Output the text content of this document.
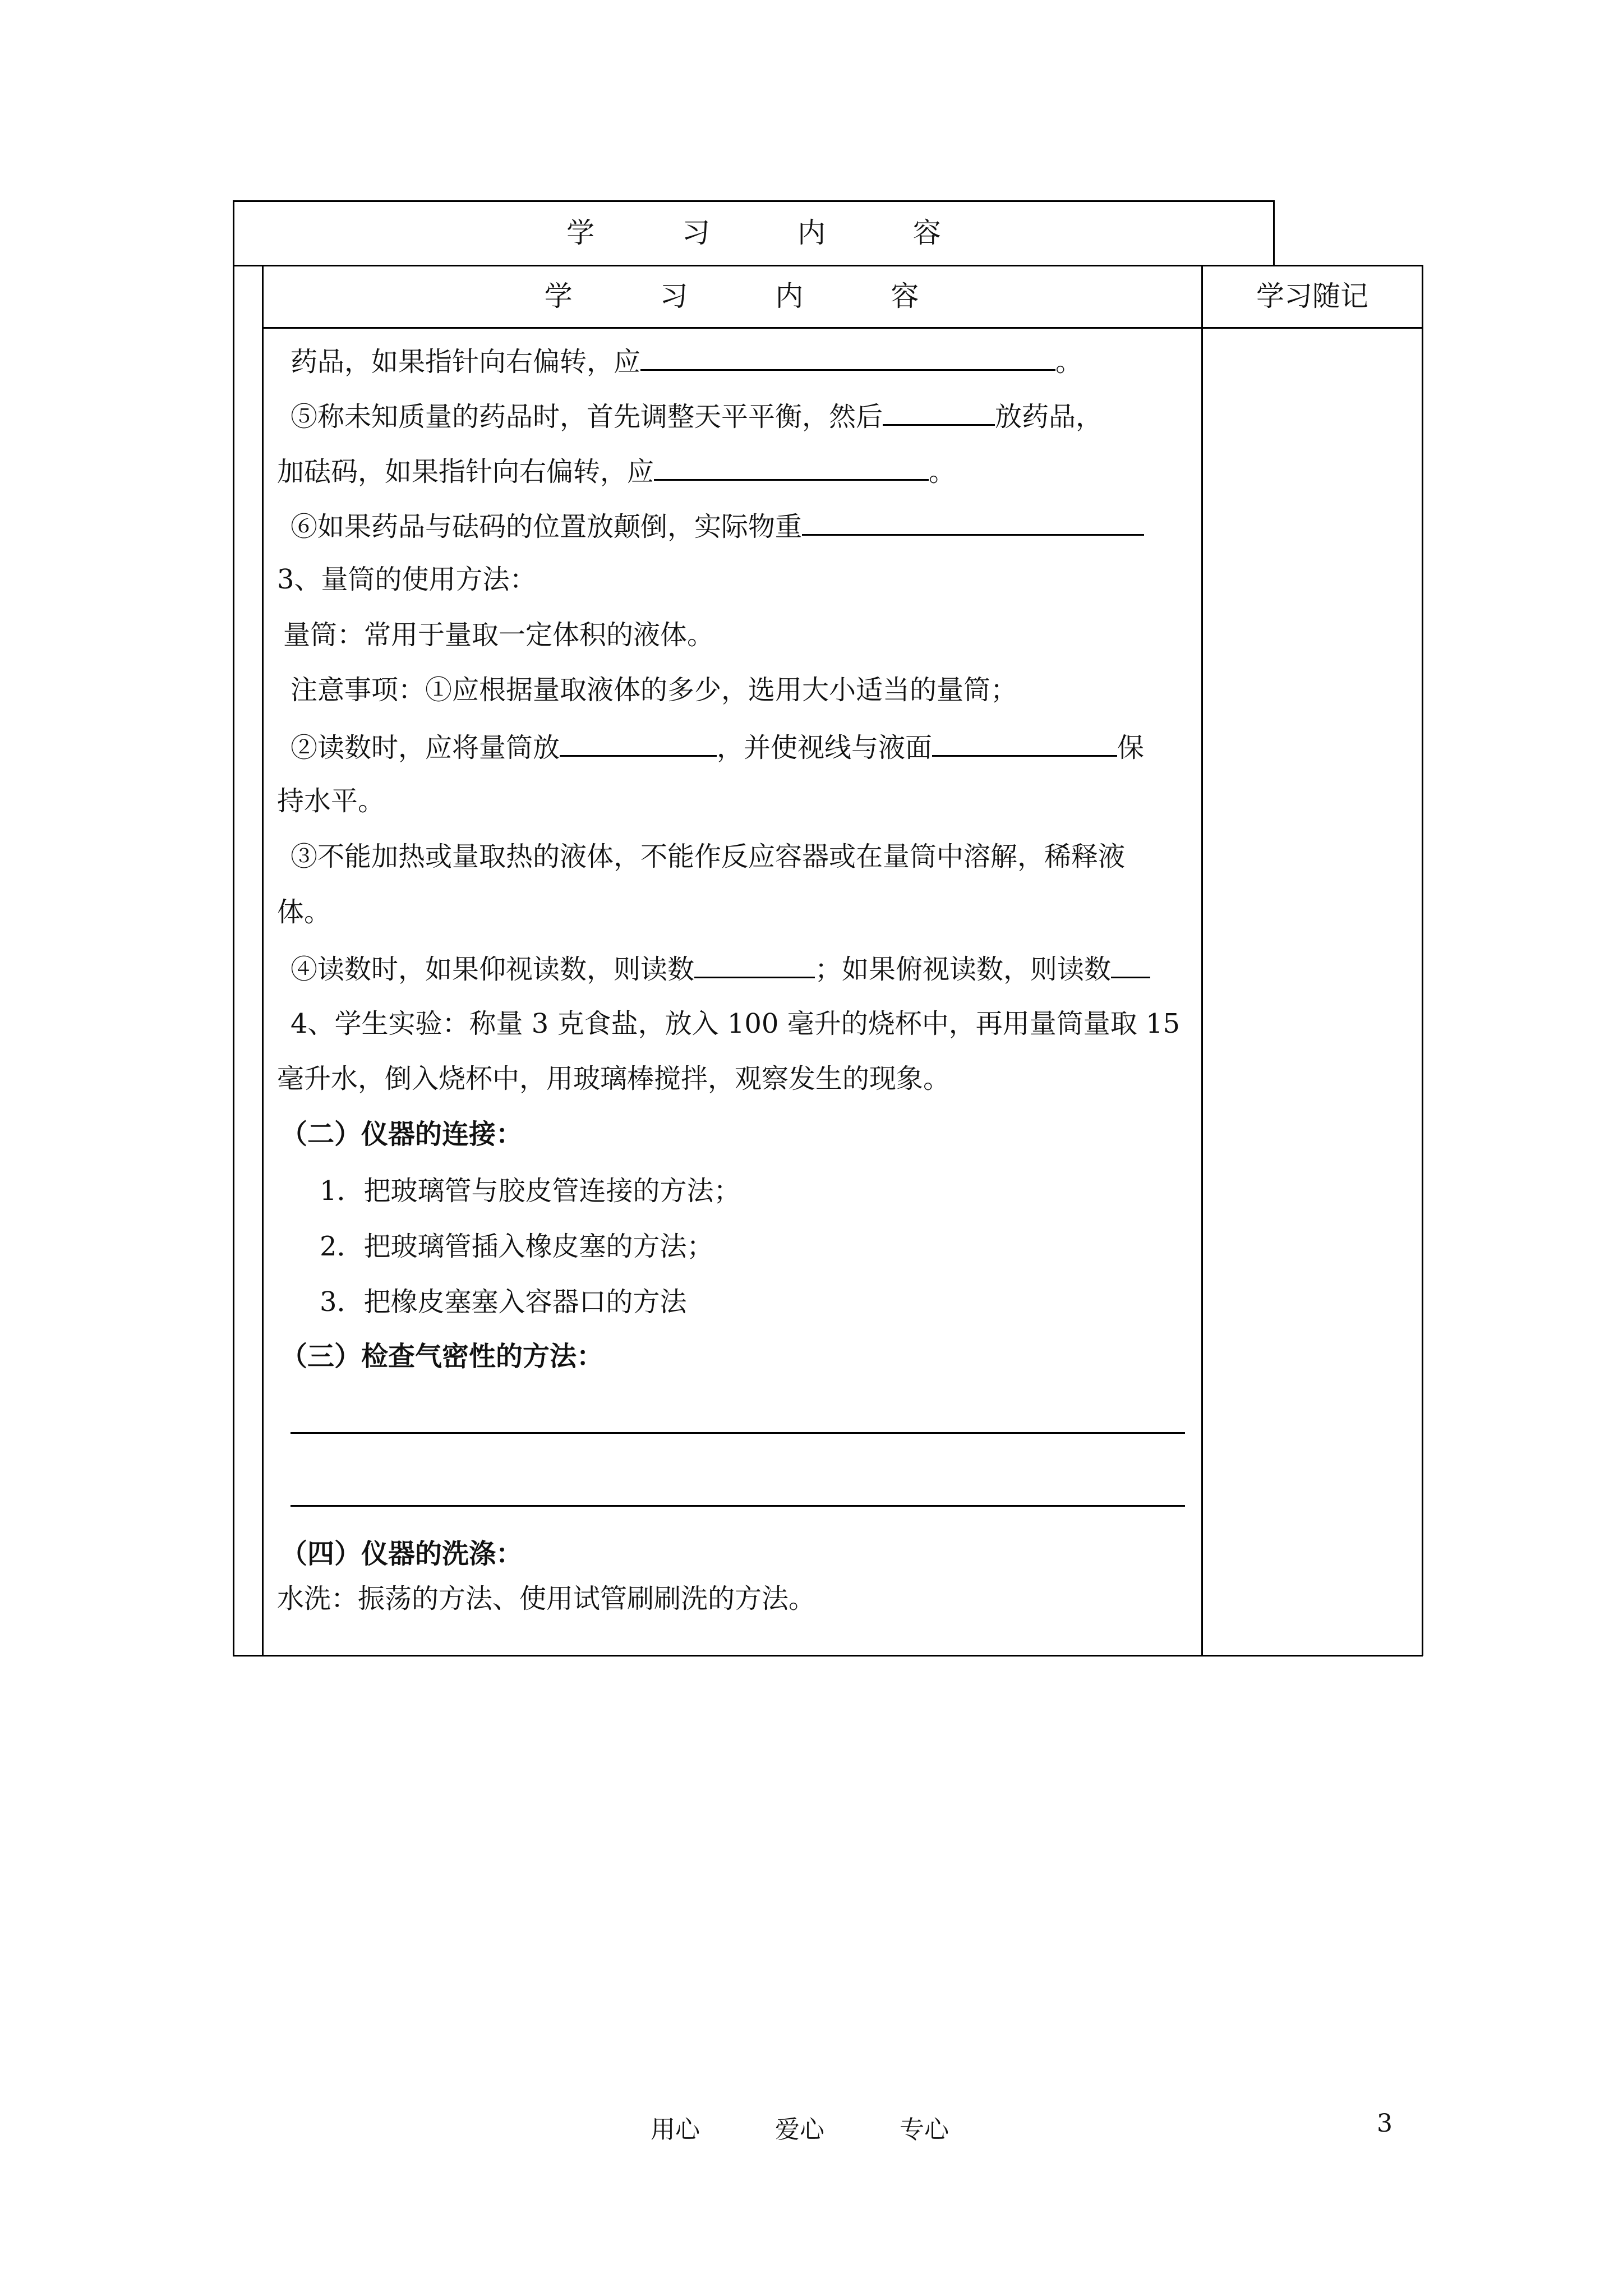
学	习	内	容
学	习	内	容	学习随记
药品，如果指针向右偏转，应	。
⑤称未知质量的药品时，首先调整天平平衡，然后	放药品，
加砝码，如果指针向右偏转，应	。
⑥如果药品与砝码的位置放颠倒，实际物重
3、量筒的使用方法：
量筒：常用于量取一定体积的液体。
注意事项：①应根据量取液体的多少，选用大小适当的量筒；
②读数时，应将量筒放	，并使视线与液面	保
持水平。
③不能加热或量取热的液体，不能作反应容器或在量筒中溶解，稀释液
体。
④读数时，如果仰视读数，则读数	；如果俯视读数，则读数
4、学生实验：称量 3 克食盐，放入 100 毫升的烧杯中，再用量筒量取 15
毫升水，倒入烧杯中，用玻璃棒搅拌，观察发生的现象。
（二）仪器的连接：
1．把玻璃管与胶皮管连接的方法；
2．把玻璃管插入橡皮塞的方法；
3．把橡皮塞塞入容器口的方法
（三）检查气密性的方法：
（四）仪器的洗涤：
水洗：振荡的方法、使用试管刷刷洗的方法。
用心	爱心	专心	3
